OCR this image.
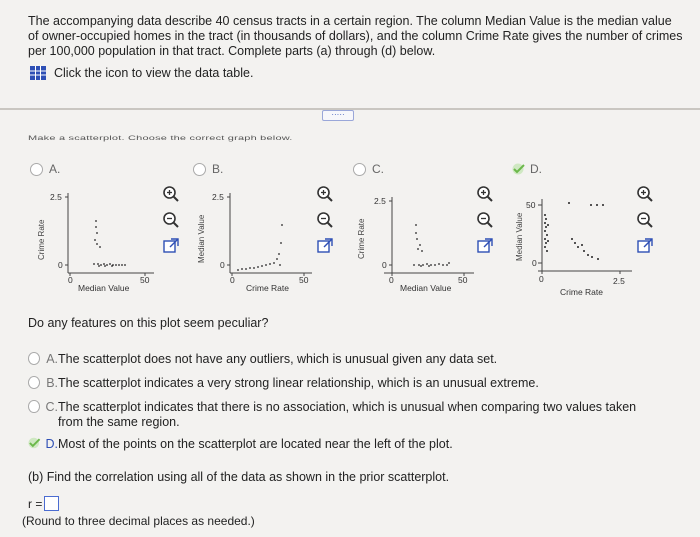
The accompanying data describe 40 census tracts in a certain region. The column Median Value is the median value of owner-occupied homes in the tract (in thousands of dollars), and the column Crime Rate gives the number of crimes per 100,000 population in that tract. Complete parts (a) through (d) below.
Click the icon to view the data table.
·····
Make a scatterplot. Choose the correct graph below.
A.	B.	C.	D.
Crime Rate
2.5
0
0	50
Median Value
Median Value
2.5
0
0	50
Crime Rate
Crime Rate
2.5
0
0	50
Median Value
Median Value
50
0
0	2.5
Crime Rate
Do any features on this plot seem peculiar?
A. The scatterplot does not have any outliers, which is unusual given any data set.
B. The scatterplot indicates a very strong linear relationship, which is an unusual extreme.
C. The scatterplot indicates that there is no association, which is unusual when comparing two values taken from the same region.
D. Most of the points on the scatterplot are located near the left of the plot.
(b) Find the correlation using all of the data as shown in the prior scatterplot.
r =
(Round to three decimal places as needed.)
